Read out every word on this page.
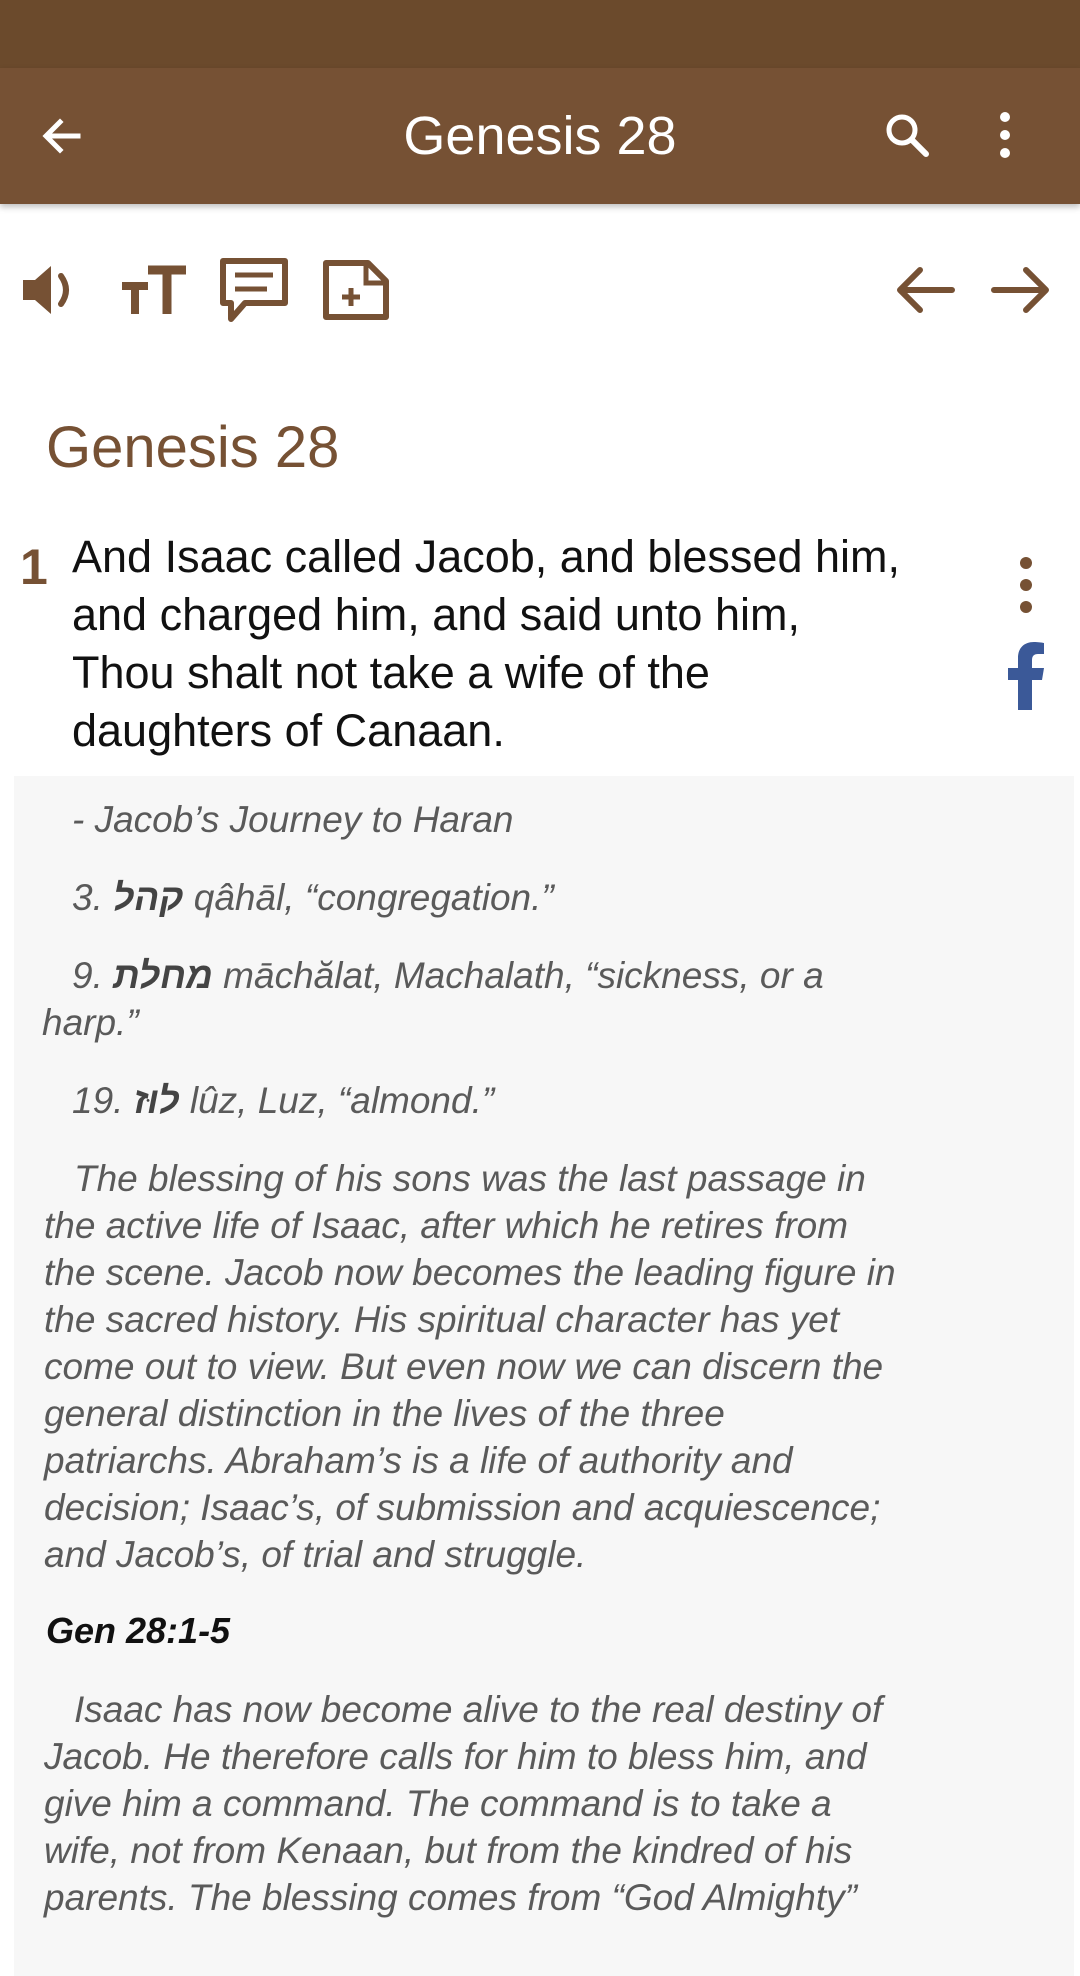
Genesis 28
Genesis 28
1 And Isaac called Jacob, and blessed him,
and charged him, and said unto him,
Thou shalt not take a wife of the
daughters of Canaan.

- Jacob’s Journey to Haran

3. קהל qâhāl, “congregation.”

9. מחלת māchălat, Machalath, “sickness, or a

harp.”

19. לוּז lûz, Luz, “almond.”

The blessing of his sons was the last passage in
the active life of Isaac, after which he retires from
the scene. Jacob now becomes the leading figure in
the sacred history. His spiritual character has yet
come out to view. But even now we can discern the
general distinction in the lives of the three
patriarchs. Abraham’s is a life of authority and
decision; Isaac’s, of submission and acquiescence;
and Jacob’s, of trial and struggle.

Gen 28:1-5

Isaac has now become alive to the real destiny of
Jacob. He therefore calls for him to bless him, and
give him a command. The command is to take a
wife, not from Kenaan, but from the kindred of his
parents. The blessing comes from “God Almighty”
